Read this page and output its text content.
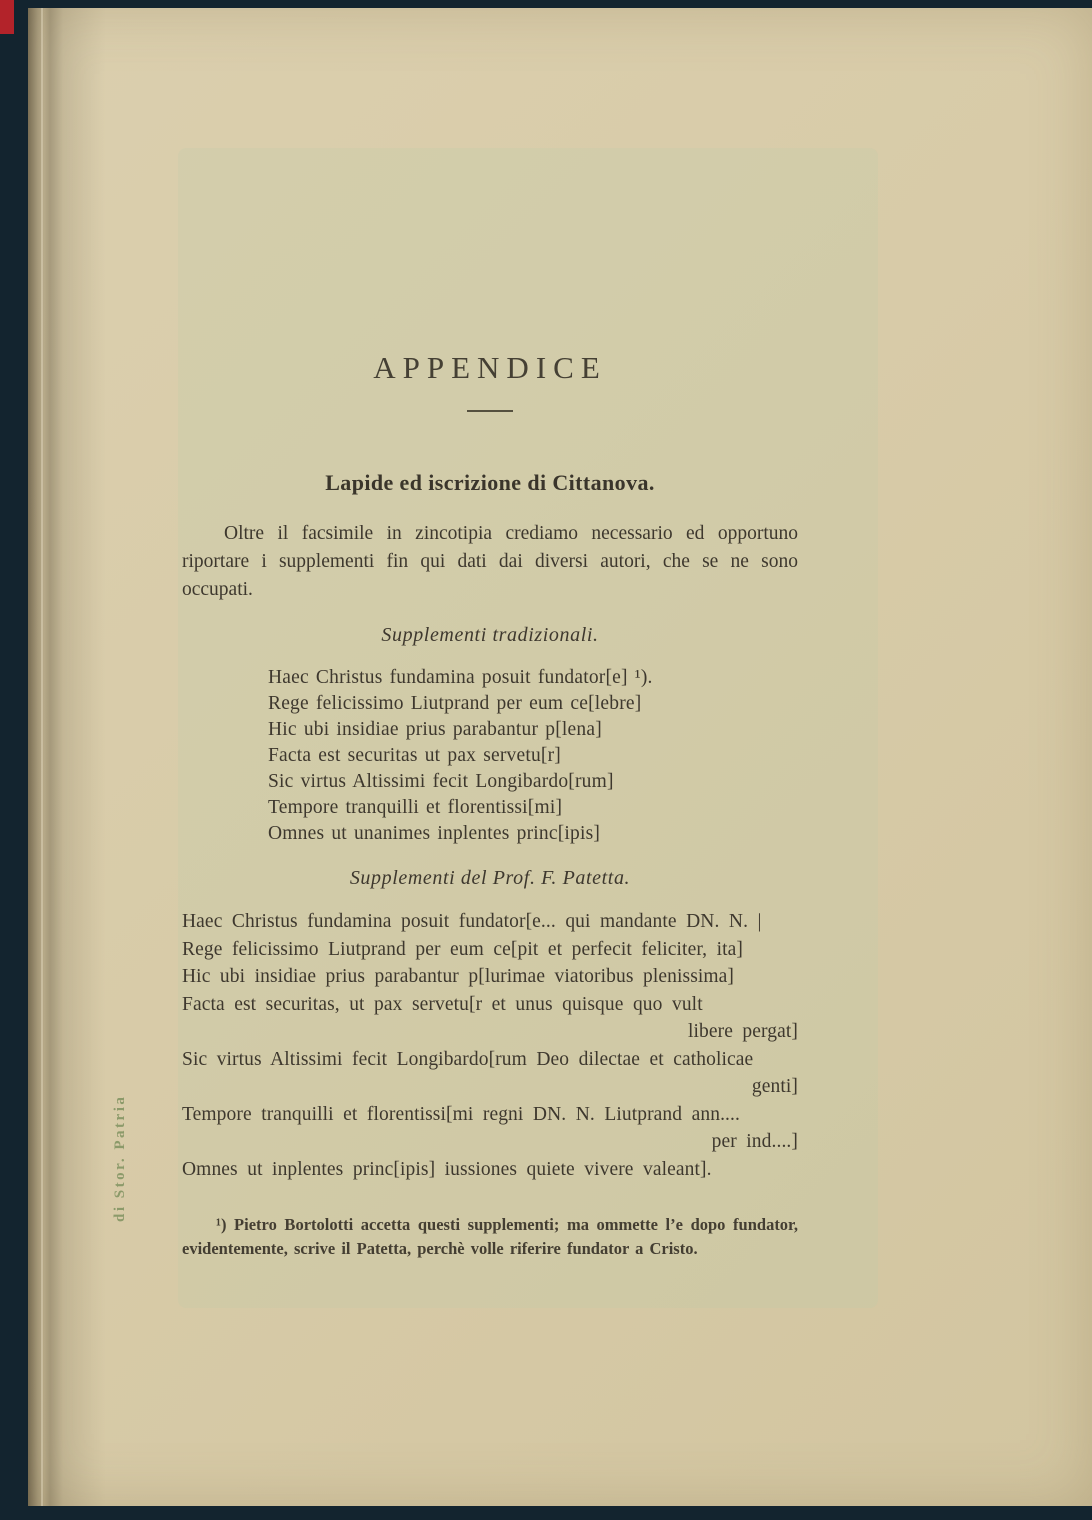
di Stor. Patria
APPENDICE
Lapide ed iscrizione di Cittanova.

Oltre il facsimile in zincotipia crediamo necessario ed opportuno riportare i supplementi fin qui dati dai diversi autori, che se ne sono occupati.

Supplementi tradizionali.
Haec Christus fundamina posuit fundator[e] ¹).
Rege felicissimo Liutprand per eum ce[lebre]
Hic ubi insidiae prius parabantur p[lena]
Facta est securitas ut pax servetu[r]
Sic virtus Altissimi fecit Longibardo[rum]
Tempore tranquilli et florentissi[mi]
Omnes ut unanimes inplentes princ[ipis]
Supplementi del Prof. F. Patetta.
Haec Christus fundamina posuit fundator[e... qui mandante DN. N. |
Rege felicissimo Liutprand per eum ce[pit et perfecit feliciter, ita]
Hic ubi insidiae prius parabantur p[lurimae viatoribus plenissima]
Facta est securitas, ut pax servetu[r et unus quisque quo vult
libere pergat]
Sic virtus Altissimi fecit Longibardo[rum Deo dilectae et catholicae
genti]
Tempore tranquilli et florentissi[mi regni DN. N. Liutprand ann....
per ind....]
Omnes ut inplentes princ[ipis] iussiones quiete vivere valeant].

¹) Pietro Bortolotti accetta questi supplementi; ma ommette l’e dopo fundator, evidentemente, scrive il Patetta, perchè volle riferire fundator a Cristo.
